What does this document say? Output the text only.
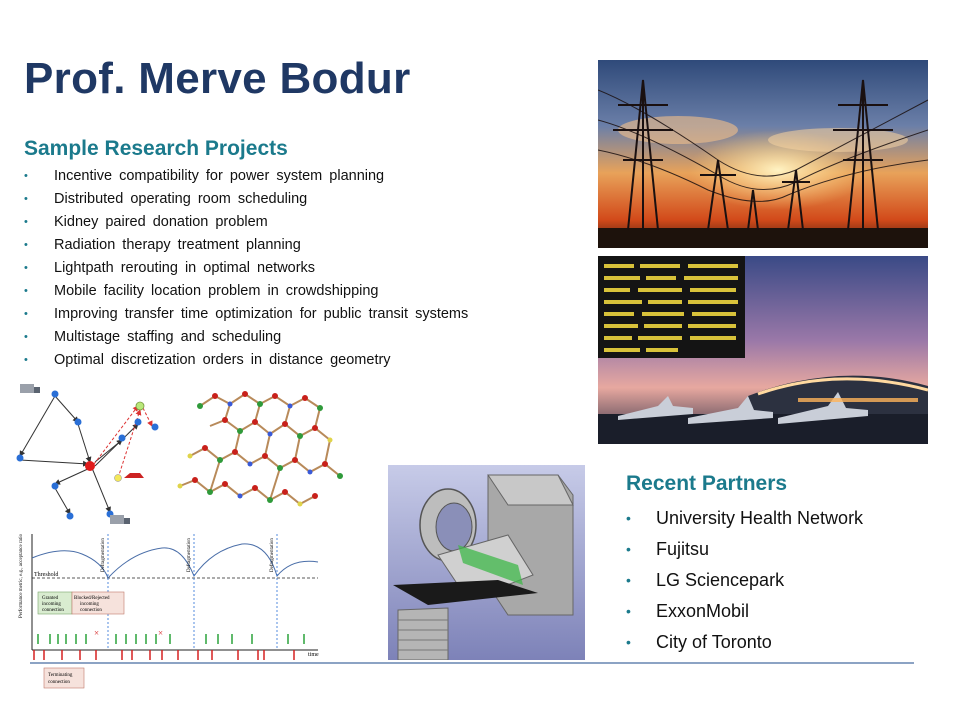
Prof. Merve Bodur
Sample Research Projects
• Incentive compatibility for power system planning
• Distributed operating room scheduling
• Kidney paired donation problem
• Radiation therapy treatment planning
• Lightpath rerouting in optimal networks
• Mobile facility location problem in crowdshipping
• Improving transfer time optimization for public transit systems
• Multistage staffing and scheduling
• Optimal discretization orders in distance geometry
Performance metric, e.g., acceptance ratio
time
Threshold
Defragmentation	Defragmentation	Defragmentation
Granted
incoming
connection
Blocked/Rejected
incoming
connection
×	×
Terminating
connection
Recent Partners
• University Health Network
• Fujitsu
• LG Sciencepark
• ExxonMobil
• City of Toronto
